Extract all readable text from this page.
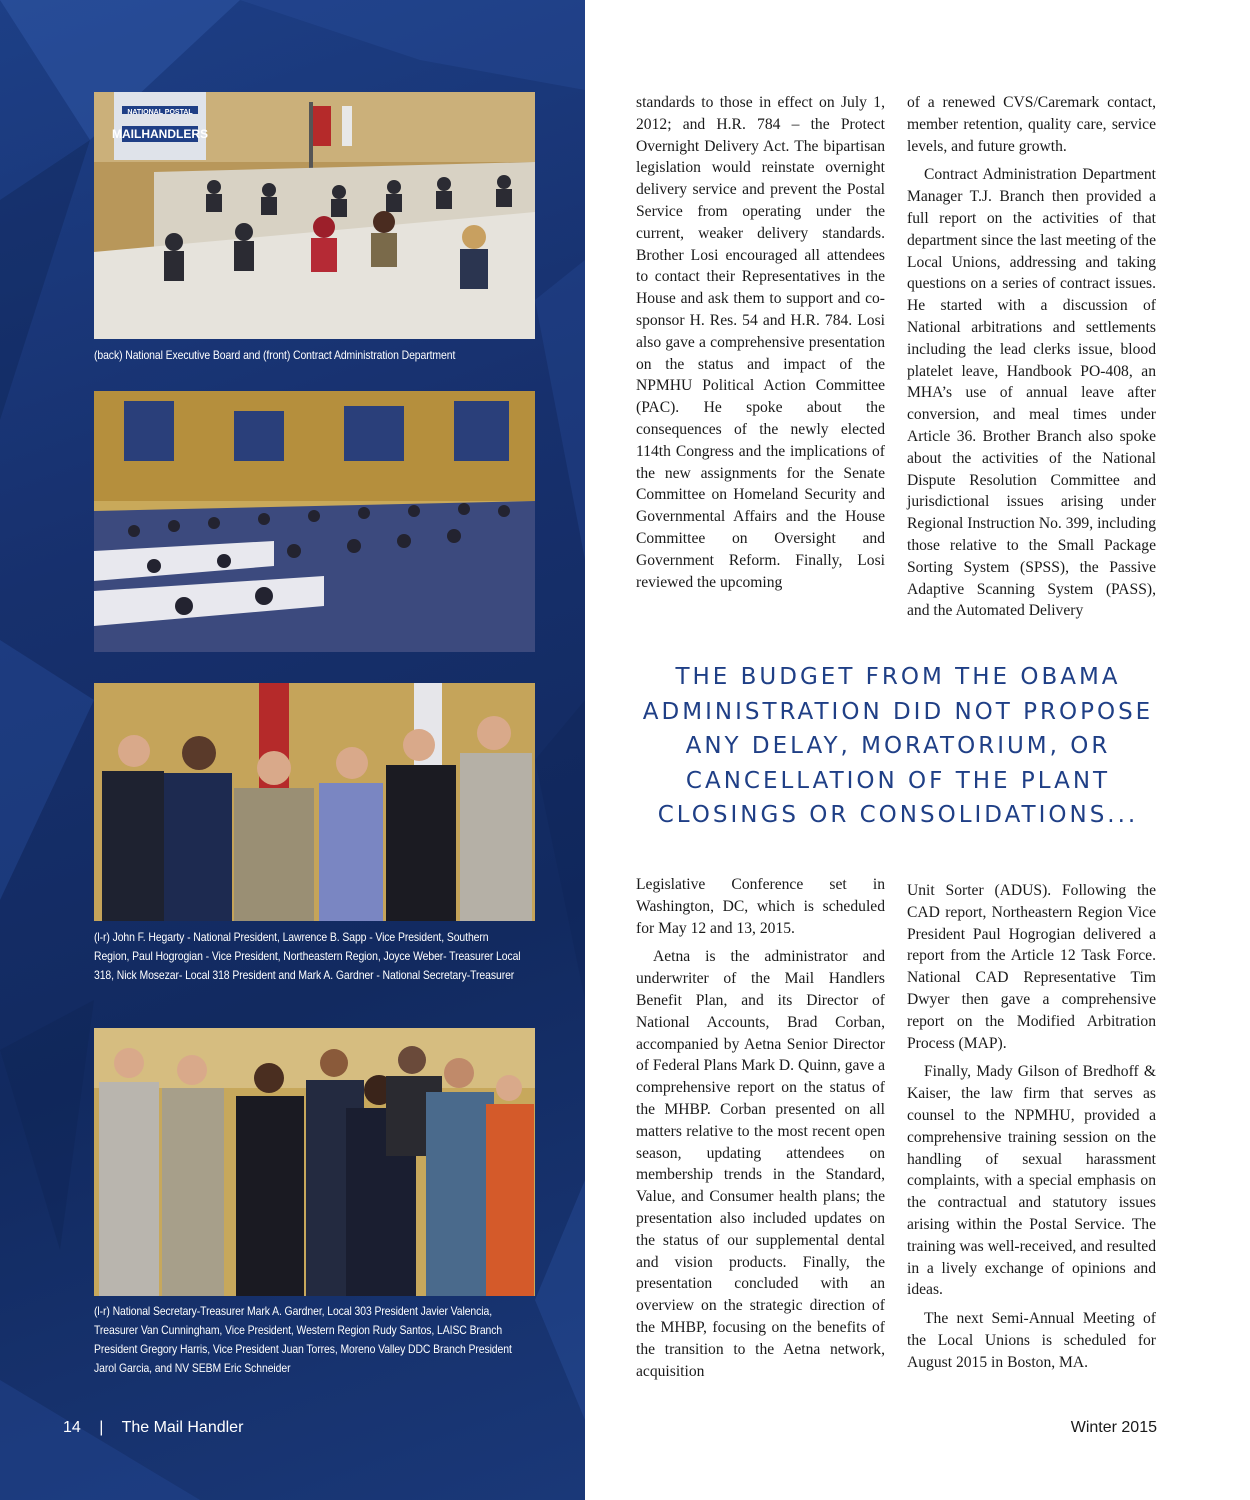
NATIONAL POSTAL
MAILHANDLERS
(back) National Executive Board and (front) Contract Administration Department
(l-r) John F. Hegarty - National President, Lawrence B. Sapp - Vice President, Southern Region, Paul Hogrogian - Vice President, Northeastern Region, Joyce Weber- Treasurer Local 318, Nick Mosezar- Local 318 President and Mark A. Gardner - National Secretary-Treasurer
(l-r) National Secretary-Treasurer Mark A. Gardner, Local 303 President Javier Valencia, Treasurer Van Cunningham, Vice President, Western Region Rudy Santos, LAISC Branch President Gregory Harris, Vice President Juan Torres, Moreno Valley DDC Branch President Jarol Garcia, and NV SEBM Eric Schneider
14 | The Mail Handler

standards to those in effect on July 1, 2012; and H.R. 784 – the Protect Overnight Delivery Act. The bipartisan legislation would reinstate overnight delivery service and prevent the Postal Service from operating under the current, weaker delivery standards. Brother Losi encouraged all attendees to contact their Representatives in the House and ask them to support and co-sponsor H. Res. 54 and H.R. 784. Losi also gave a comprehensive presentation on the status and impact of the NPMHU Political Action Committee (PAC). He spoke about the consequences of the newly elected 114th Congress and the implications of the new assignments for the Senate Committee on Homeland Security and Governmental Affairs and the House Committee on Oversight and Government Reform. Finally, Losi reviewed the upcoming

of a renewed CVS/Caremark contact, member retention, quality care, service levels, and future growth.

Contract Administration Department Manager T.J. Branch then provided a full report on the activities of that department since the last meeting of the Local Unions, addressing and taking questions on a series of contract issues. He started with a discussion of National arbitrations and settlements including the lead clerks issue, blood platelet leave, Handbook PO-408, an MHA’s use of annual leave after conversion, and meal times under Article 36. Brother Branch also spoke about the activities of the National Dispute Resolution Committee and jurisdictional issues arising under Regional Instruction No. 399, including those relative to the Small Package Sorting System (SPSS), the Passive Adaptive Scanning System (PASS), and the Automated Delivery

THE BUDGET FROM THE OBAMA ADMINISTRATION DID NOT PROPOSE ANY DELAY, MORATORIUM, OR CANCELLATION OF THE PLANT CLOSINGS OR CONSOLIDATIONS...

Legislative Conference set in Washington, DC, which is scheduled for May 12 and 13, 2015.

Aetna is the administrator and underwriter of the Mail Handlers Benefit Plan, and its Director of National Accounts, Brad Corban, accompanied by Aetna Senior Director of Federal Plans Mark D. Quinn, gave a comprehensive report on the status of the MHBP. Corban presented on all matters relative to the most recent open season, updating attendees on membership trends in the Standard, Value, and Consumer health plans; the presentation also included updates on the status of our supplemental dental and vision products. Finally, the presentation concluded with an overview on the strategic direction of the MHBP, focusing on the benefits of the transition to the Aetna network, acquisition

Unit Sorter (ADUS). Following the CAD report, Northeastern Region Vice President Paul Hogrogian delivered a report from the Article 12 Task Force. National CAD Representative Tim Dwyer then gave a comprehensive report on the Modified Arbitration Process (MAP).

Finally, Mady Gilson of Bredhoff & Kaiser, the law firm that serves as counsel to the NPMHU, provided a comprehensive training session on the handling of sexual harassment complaints, with a special emphasis on the contractual and statutory issues arising within the Postal Service. The training was well-received, and resulted in a lively exchange of opinions and ideas.

The next Semi-Annual Meeting of the Local Unions is scheduled for August 2015 in Boston, MA.

Winter 2015
